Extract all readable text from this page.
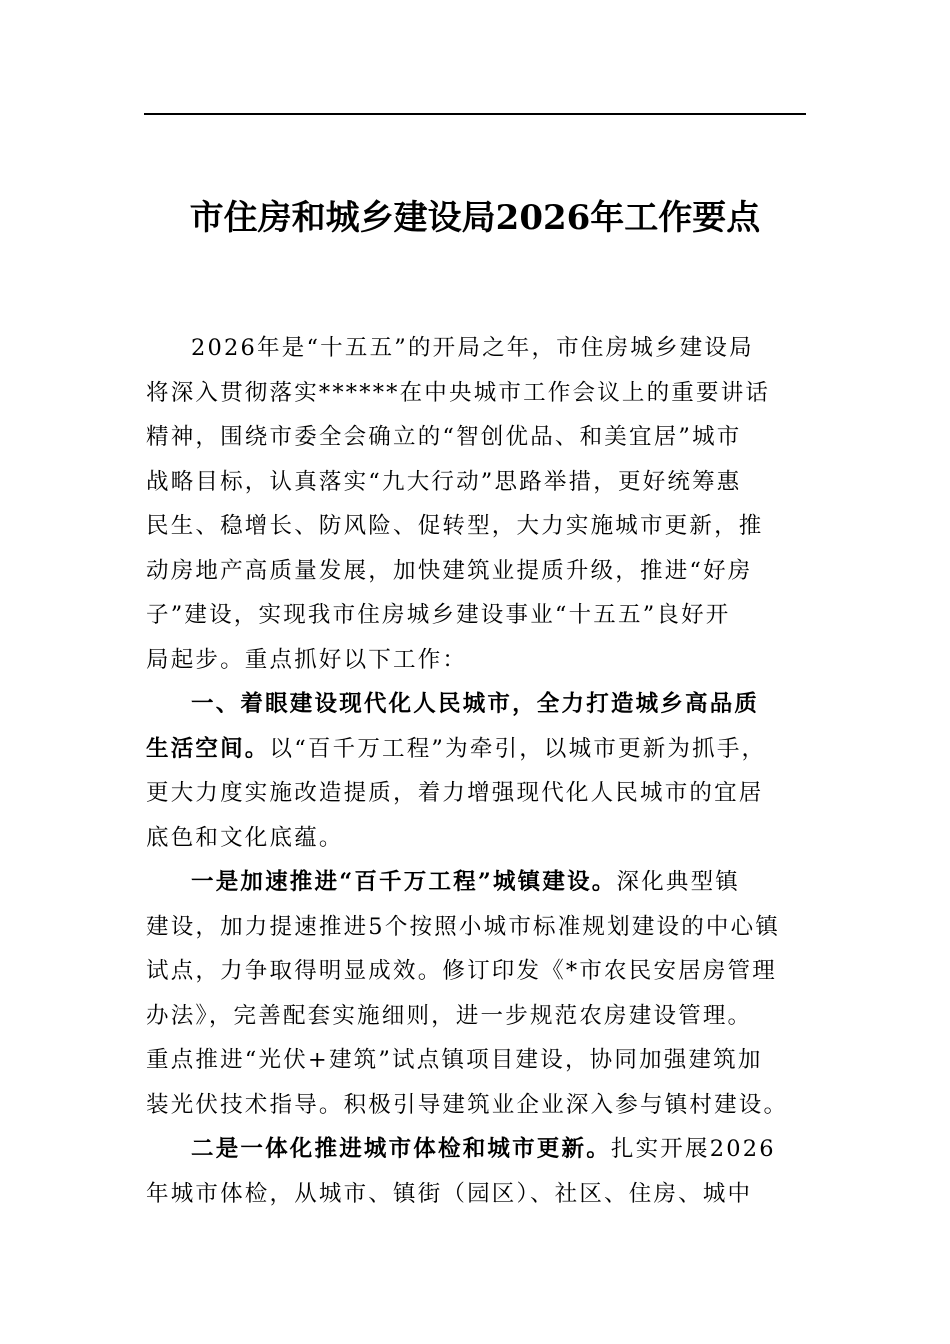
市住房和城乡建设局2026年工作要点

2026年是“十五五”的开局之年，市住房城乡建设局
将深入贯彻落实******在中央城市工作会议上的重要讲话
精神，围绕市委全会确立的“智创优品、和美宜居”城市
战略目标，认真落实“九大行动”思路举措，更好统筹惠
民生、稳增长、防风险、促转型，大力实施城市更新，推
动房地产高质量发展，加快建筑业提质升级，推进“好房
子”建设，实现我市住房城乡建设事业“十五五”良好开
局起步。重点抓好以下工作：

一、着眼建设现代化人民城市，全力打造城乡高品质
生活空间。以“百千万工程”为牵引，以城市更新为抓手，
更大力度实施改造提质，着力增强现代化人民城市的宜居
底色和文化底蕴。

一是加速推进“百千万工程”城镇建设。深化典型镇
建设，加力提速推进5个按照小城市标准规划建设的中心镇
试点，力争取得明显成效。修订印发《*市农民安居房管理
办法》，完善配套实施细则，进一步规范农房建设管理。
重点推进“光伏+建筑”试点镇项目建设，协同加强建筑加
装光伏技术指导。积极引导建筑业企业深入参与镇村建设。

二是一体化推进城市体检和城市更新。扎实开展2026
年城市体检，从城市、镇街（园区）、社区、住房、城中
